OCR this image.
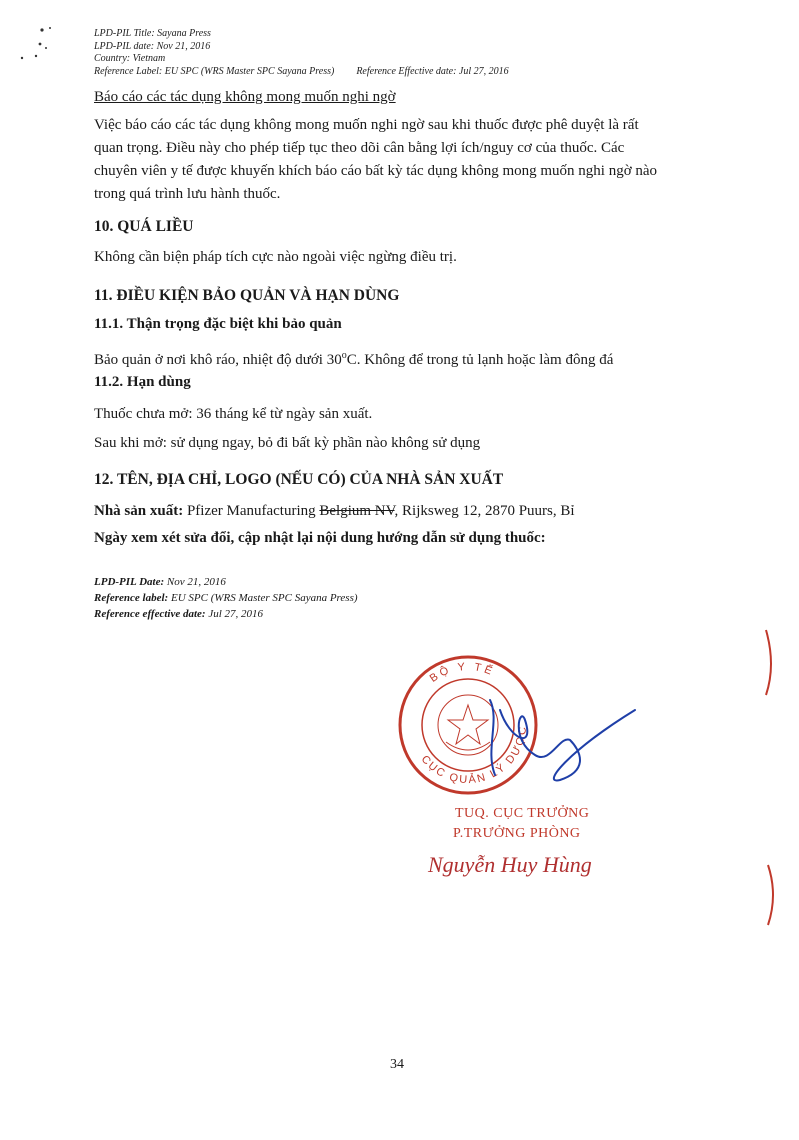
LPD-PIL Title: Sayana Press
LPD-PIL date: Nov 21, 2016
Country: Vietnam
Reference Label: EU SPC (WRS Master SPC Sayana Press) Reference Effective date: Jul 27, 2016
Báo cáo các tác dụng không mong muốn nghi ngờ
Việc báo cáo các tác dụng không mong muốn nghi ngờ sau khi thuốc được phê duyệt là rất
quan trọng. Điều này cho phép tiếp tục theo dõi cân bằng lợi ích/nguy cơ của thuốc. Các
chuyên viên y tế được khuyến khích báo cáo bất kỳ tác dụng không mong muốn nghi ngờ nào
trong quá trình lưu hành thuốc.
10. QUÁ LIỀU
Không cần biện pháp tích cực nào ngoài việc ngừng điều trị.
11. ĐIỀU KIỆN BẢO QUẢN VÀ HẠN DÙNG
11.1. Thận trọng đặc biệt khi bảo quản
Bảo quản ở nơi khô ráo, nhiệt độ dưới 30$^o$C. Không để trong tủ lạnh hoặc làm đông đá
11.2. Hạn dùng
Thuốc chưa mở: 36 tháng kể từ ngày sản xuất.
Sau khi mở: sử dụng ngay, bỏ đi bất kỳ phần nào không sử dụng
12. TÊN, ĐỊA CHỈ, LOGO (NẾU CÓ) CỦA NHÀ SẢN XUẤT
Nhà sản xuất: Pfizer Manufacturing Belgium NV, Rijksweg 12, 2870 Puurs, Bỉ
Ngày xem xét sửa đổi, cập nhật lại nội dung hướng dẫn sử dụng thuốc:
LPD-PIL Date: Nov 21, 2016
Reference label: EU SPC (WRS Master SPC Sayana Press)
Reference effective date: Jul 27, 2016
BỘ Y TẾ
CỤC QUẢN LÝ DƯỢC
TUQ. CỤC TRƯỞNG
P.TRƯỞNG PHÒNG
Nguyễn Huy Hùng
34
